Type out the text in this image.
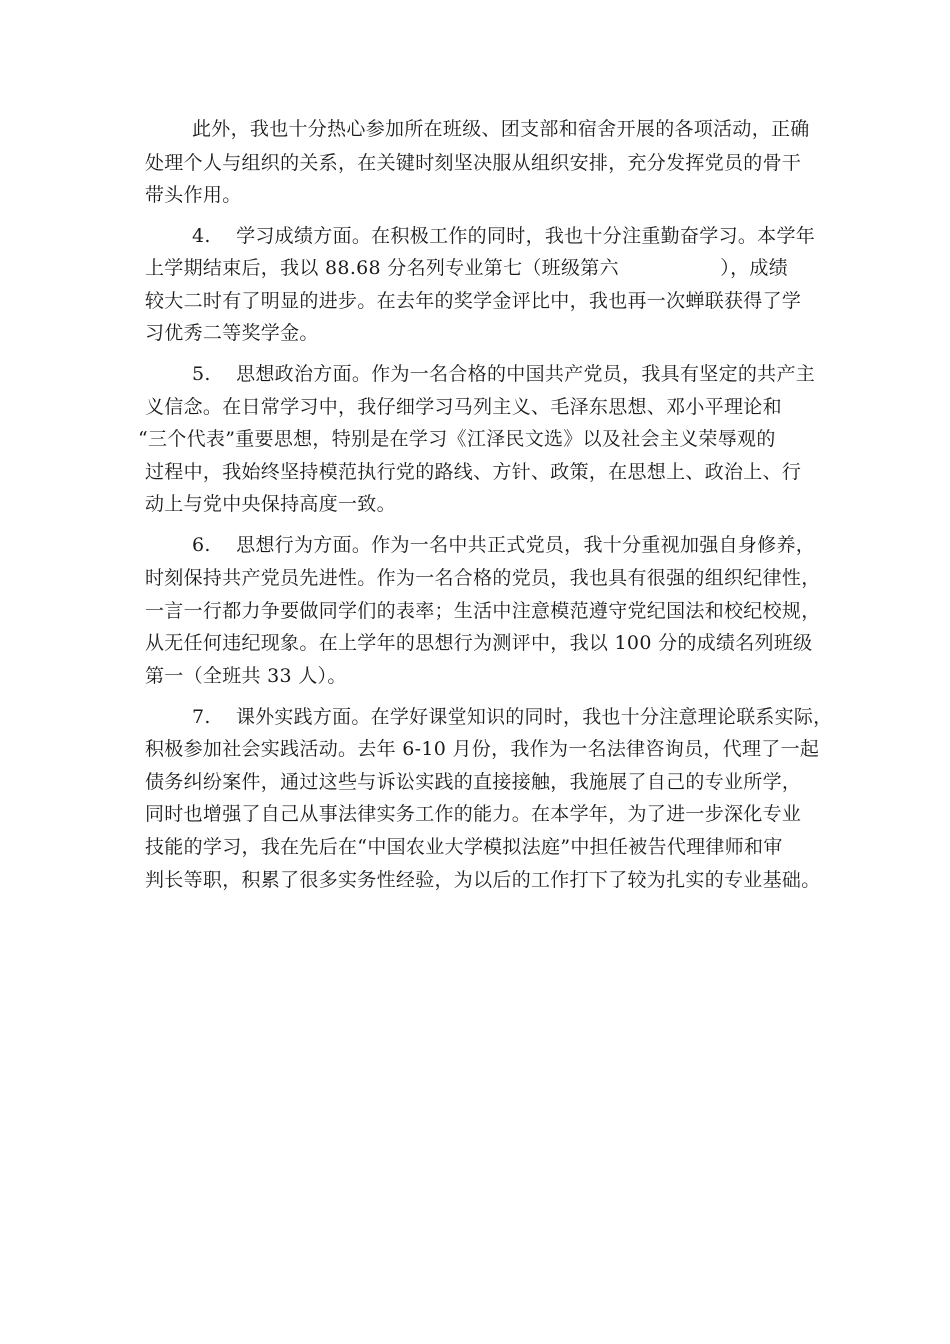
此外，我也十分热心参加所在班级、团支部和宿舍开展的各项活动，正确
处理个人与组织的关系，在关键时刻坚决服从组织安排，充分发挥党员的骨干
带头作用。
4.    学习成绩方面。在积极工作的同时，我也十分注重勤奋学习。本学年
上学期结束后，我以 88.68 分名列专业第七（班级第六                ），成绩
较大二时有了明显的进步。在去年的奖学金评比中，我也再一次蝉联获得了学
习优秀二等奖学金。
5.    思想政治方面。作为一名合格的中国共产党员，我具有坚定的共产主
义信念。在日常学习中，我仔细学习马列主义、毛泽东思想、邓小平理论和
“三个代表”重要思想，特别是在学习《江泽民文选》以及社会主义荣辱观的
过程中，我始终坚持模范执行党的路线、方针、政策，在思想上、政治上、行
动上与党中央保持高度一致。
6.    思想行为方面。作为一名中共正式党员，我十分重视加强自身修养，
时刻保持共产党员先进性。作为一名合格的党员，我也具有很强的组织纪律性，
一言一行都力争要做同学们的表率；生活中注意模范遵守党纪国法和校纪校规，
从无任何违纪现象。在上学年的思想行为测评中，我以 100 分的成绩名列班级
第一（全班共 33 人）。
7.    课外实践方面。在学好课堂知识的同时，我也十分注意理论联系实际，
积极参加社会实践活动。去年 6-10 月份，我作为一名法律咨询员，代理了一起
债务纠纷案件，通过这些与诉讼实践的直接接触，我施展了自己的专业所学，
同时也增强了自己从事法律实务工作的能力。在本学年，为了进一步深化专业
技能的学习，我在先后在“中国农业大学模拟法庭”中担任被告代理律师和审
判长等职，积累了很多实务性经验，为以后的工作打下了较为扎实的专业基础。
